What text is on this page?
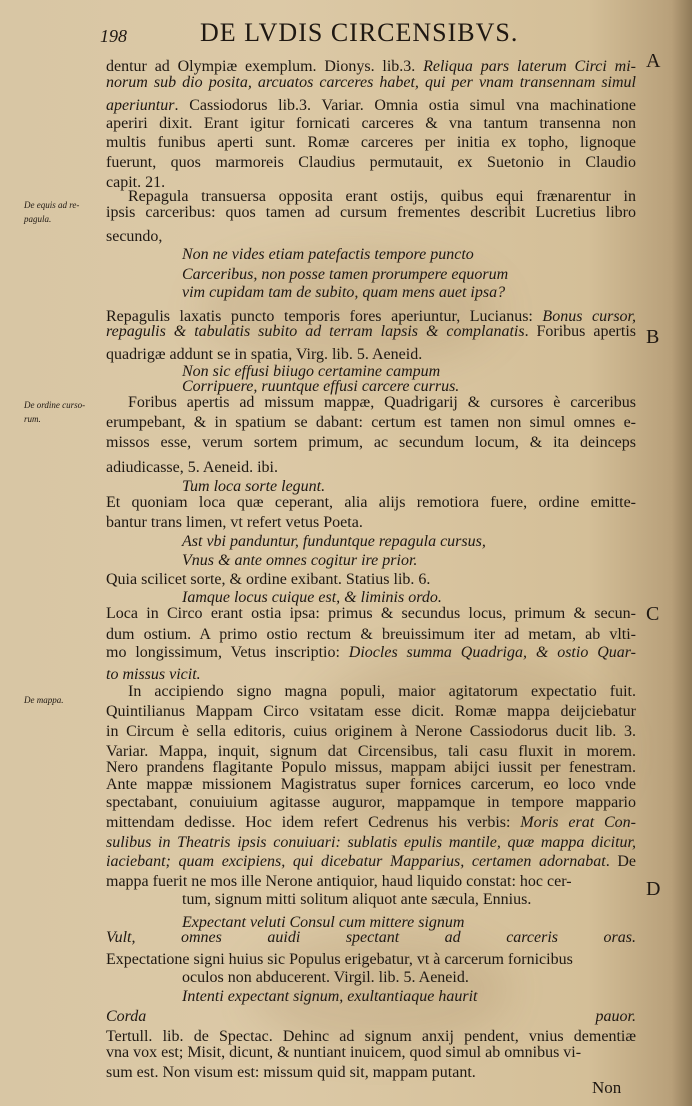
198	DE LVDIS CIRCENSIBVS.
dentur ad Olympiæ exemplum. Dionys. lib.3. Reliqua pars laterum Circi mi-
norum sub dio posita, arcuatos carceres habet, qui per vnam transennam simul
aperiuntur. Cassiodorus lib.3. Variar. Omnia ostia simul vna machinatione
aperiri dixit. Erant igitur fornicati carceres & vna tantum transenna non
multis funibus aperti sunt. Romæ carceres per initia ex topho, lignoque
fuerunt, quos marmoreis Claudius permutauit, ex Suetonio in Claudio
capit. 21.
Repagula transuersa opposita erant ostijs, quibus equi frænarentur in
ipsis carceribus: quos tamen ad cursum frementes describit Lucretius libro
secundo,
Non ne vides etiam patefactis tempore puncto
Carceribus, non posse tamen prorumpere equorum
vim cupidam tam de subito, quam mens auet ipsa?
Repagulis laxatis puncto temporis fores aperiuntur, Lucianus: Bonus cursor,
repagulis & tabulatis subito ad terram lapsis & complanatis. Foribus apertis
quadrigæ addunt se in spatia, Virg. lib. 5. Aeneid.
Non sic effusi biiugo certamine campum
Corripuere, ruuntque effusi carcere currus.
Foribus apertis ad missum mappæ, Quadrigarij & cursores è carceribus
erumpebant, & in spatium se dabant: certum est tamen non simul omnes e-
missos esse, verum sortem primum, ac secundum locum, & ita deinceps
adiudicasse, 5. Aeneid. ibi.
Tum loca sorte legunt.
Et quoniam loca quæ ceperant, alia alijs remotiora fuere, ordine emitte-
bantur trans limen, vt refert vetus Poeta.
Ast vbi panduntur, funduntque repagula cursus,
Vnus & ante omnes cogitur ire prior.
Quia scilicet sorte, & ordine exibant. Statius lib. 6.
Iamque locus cuique est, & liminis ordo.
Loca in Circo erant ostia ipsa: primus & secundus locus, primum & secun-
dum ostium. A primo ostio rectum & breuissimum iter ad metam, ab vlti-
mo longissimum, Vetus inscriptio: Diocles summa Quadriga, & ostio Quar-
to missus vicit.
In accipiendo signo magna populi, maior agitatorum expectatio fuit.
Quintilianus Mappam Circo vsitatam esse dicit. Romæ mappa deijciebatur
in Circum è sella editoris, cuius originem à Nerone Cassiodorus ducit lib. 3.
Variar. Mappa, inquit, signum dat Circensibus, tali casu fluxit in morem.
Nero prandens flagitante Populo missus, mappam abijci iussit per fenestram.
Ante mappæ missionem Magistratus super fornices carcerum, eo loco vnde
spectabant, conuiuium agitasse auguror, mappamque in tempore mappario
mittendam dedisse. Hoc idem refert Cedrenus his verbis: Moris erat Con-
sulibus in Theatris ipsis conuiuari: sublatis epulis mantile, quæ mappa dicitur,
iaciebant; quam excipiens, qui dicebatur Mapparius, certamen adornabat. De
mappa fuerit ne mos ille Nerone antiquior, haud liquido constat: hoc cer-
tum, signum mitti solitum aliquot ante sæcula, Ennius.
Expectant veluti Consul cum mittere signum
Vult, omnes auidi spectant ad carceris oras.
Expectatione signi huius sic Populus erigebatur, vt à carcerum fornicibus
oculos non abducerent. Virgil. lib. 5. Aeneid.
Intenti expectant signum, exultantiaque haurit
Corda pauor.
Tertull. lib. de Spectac. Dehinc ad signum anxij pendent, vnius dementiæ
vna vox est; Misit, dicunt, & nuntiant inuicem, quod simul ab omnibus vi-
sum est. Non visum est: missum quid sit, mappam putant.
De equis ad re-
pagula.
De ordine curso-
rum.
De mappa.
A
B
C
D
Non
